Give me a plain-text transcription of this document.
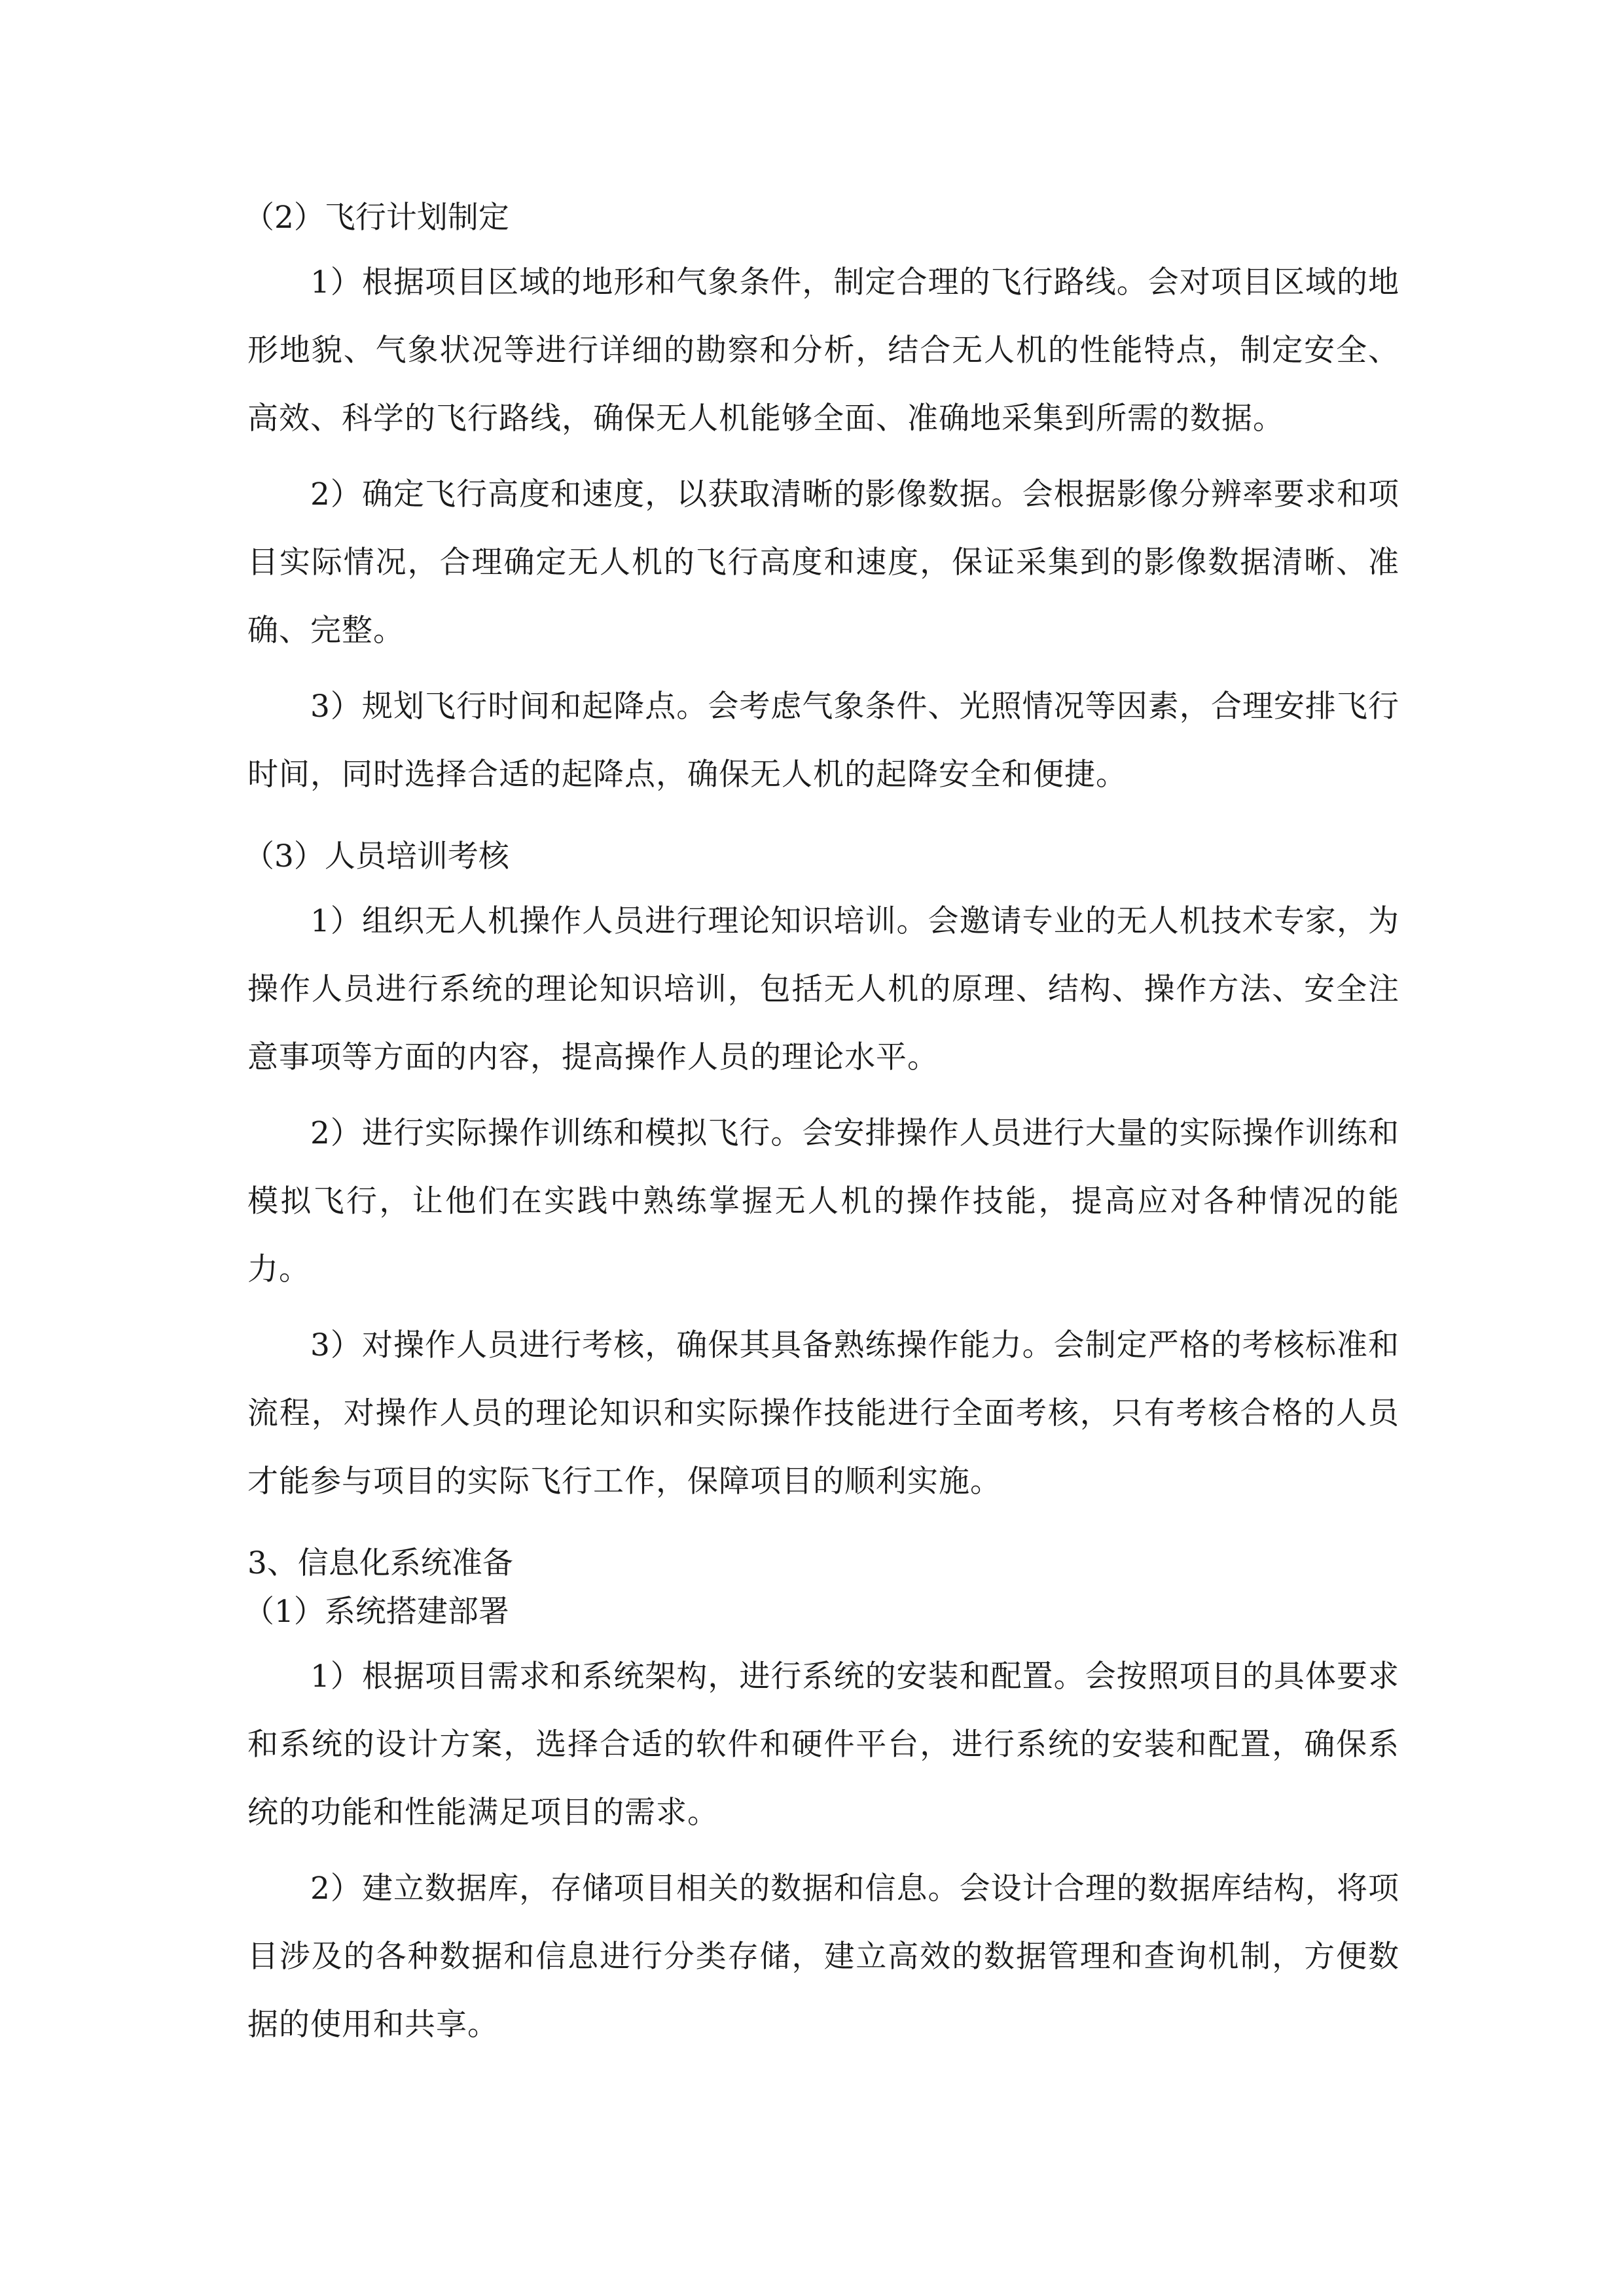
（2）飞行计划制定

1）根据项目区域的地形和气象条件，制定合理的飞行路线。会对项目区域的地形地貌、气象状况等进行详细的勘察和分析，结合无人机的性能特点，制定安全、高效、科学的飞行路线，确保无人机能够全面、准确地采集到所需的数据。

2）确定飞行高度和速度，以获取清晰的影像数据。会根据影像分辨率要求和项目实际情况，合理确定无人机的飞行高度和速度，保证采集到的影像数据清晰、准确、完整。

3）规划飞行时间和起降点。会考虑气象条件、光照情况等因素，合理安排飞行时间，同时选择合适的起降点，确保无人机的起降安全和便捷。

（3）人员培训考核

1）组织无人机操作人员进行理论知识培训。会邀请专业的无人机技术专家，为操作人员进行系统的理论知识培训，包括无人机的原理、结构、操作方法、安全注意事项等方面的内容，提高操作人员的理论水平。

2）进行实际操作训练和模拟飞行。会安排操作人员进行大量的实际操作训练和模拟飞行，让他们在实践中熟练掌握无人机的操作技能，提高应对各种情况的能力。

3）对操作人员进行考核，确保其具备熟练操作能力。会制定严格的考核标准和流程，对操作人员的理论知识和实际操作技能进行全面考核，只有考核合格的人员才能参与项目的实际飞行工作，保障项目的顺利实施。

3、信息化系统准备

（1）系统搭建部署

1）根据项目需求和系统架构，进行系统的安装和配置。会按照项目的具体要求和系统的设计方案，选择合适的软件和硬件平台，进行系统的安装和配置，确保系统的功能和性能满足项目的需求。

2）建立数据库，存储项目相关的数据和信息。会设计合理的数据库结构，将项目涉及的各种数据和信息进行分类存储，建立高效的数据管理和查询机制，方便数据的使用和共享。
